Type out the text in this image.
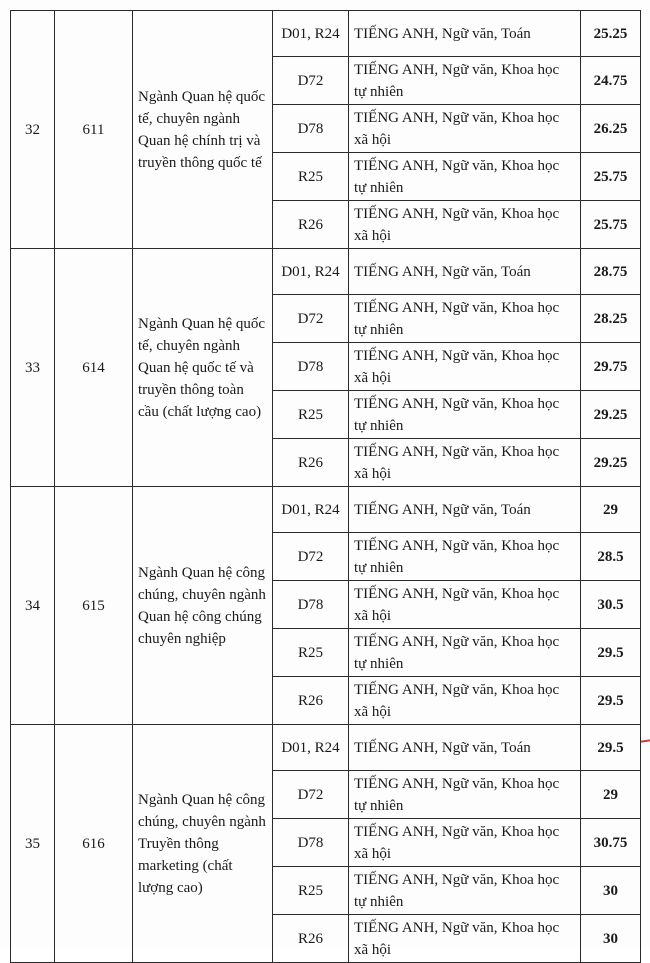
32	611	Ngành Quan hệ quốc tế, chuyên ngành Quan hệ chính trị và truyền thông quốc tế	D01, R24	TIẾNG ANH, Ngữ văn, Toán	25.25
			D72	TIẾNG ANH, Ngữ văn, Khoa học tự nhiên	24.75
			D78	TIẾNG ANH, Ngữ văn, Khoa học xã hội	26.25
			R25	TIẾNG ANH, Ngữ văn, Khoa học tự nhiên	25.75
			R26	TIẾNG ANH, Ngữ văn, Khoa học xã hội	25.75
33	614	Ngành Quan hệ quốc tế, chuyên ngành Quan hệ quốc tế và truyền thông toàn cầu (chất lượng cao)	D01, R24	TIẾNG ANH, Ngữ văn, Toán	28.75
			D72	TIẾNG ANH, Ngữ văn, Khoa học tự nhiên	28.25
			D78	TIẾNG ANH, Ngữ văn, Khoa học xã hội	29.75
			R25	TIẾNG ANH, Ngữ văn, Khoa học tự nhiên	29.25
			R26	TIẾNG ANH, Ngữ văn, Khoa học xã hội	29.25
34	615	Ngành Quan hệ công chúng, chuyên ngành Quan hệ công chúng chuyên nghiệp	D01, R24	TIẾNG ANH, Ngữ văn, Toán	29
			D72	TIẾNG ANH, Ngữ văn, Khoa học tự nhiên	28.5
			D78	TIẾNG ANH, Ngữ văn, Khoa học xã hội	30.5
			R25	TIẾNG ANH, Ngữ văn, Khoa học tự nhiên	29.5
			R26	TIẾNG ANH, Ngữ văn, Khoa học xã hội	29.5
35	616	Ngành Quan hệ công chúng, chuyên ngành Truyền thông marketing (chất lượng cao)	D01, R24	TIẾNG ANH, Ngữ văn, Toán	29.5
			D72	TIẾNG ANH, Ngữ văn, Khoa học tự nhiên	29
			D78	TIẾNG ANH, Ngữ văn, Khoa học xã hội	30.75
			R25	TIẾNG ANH, Ngữ văn, Khoa học tự nhiên	30
			R26	TIẾNG ANH, Ngữ văn, Khoa học xã hội	30
